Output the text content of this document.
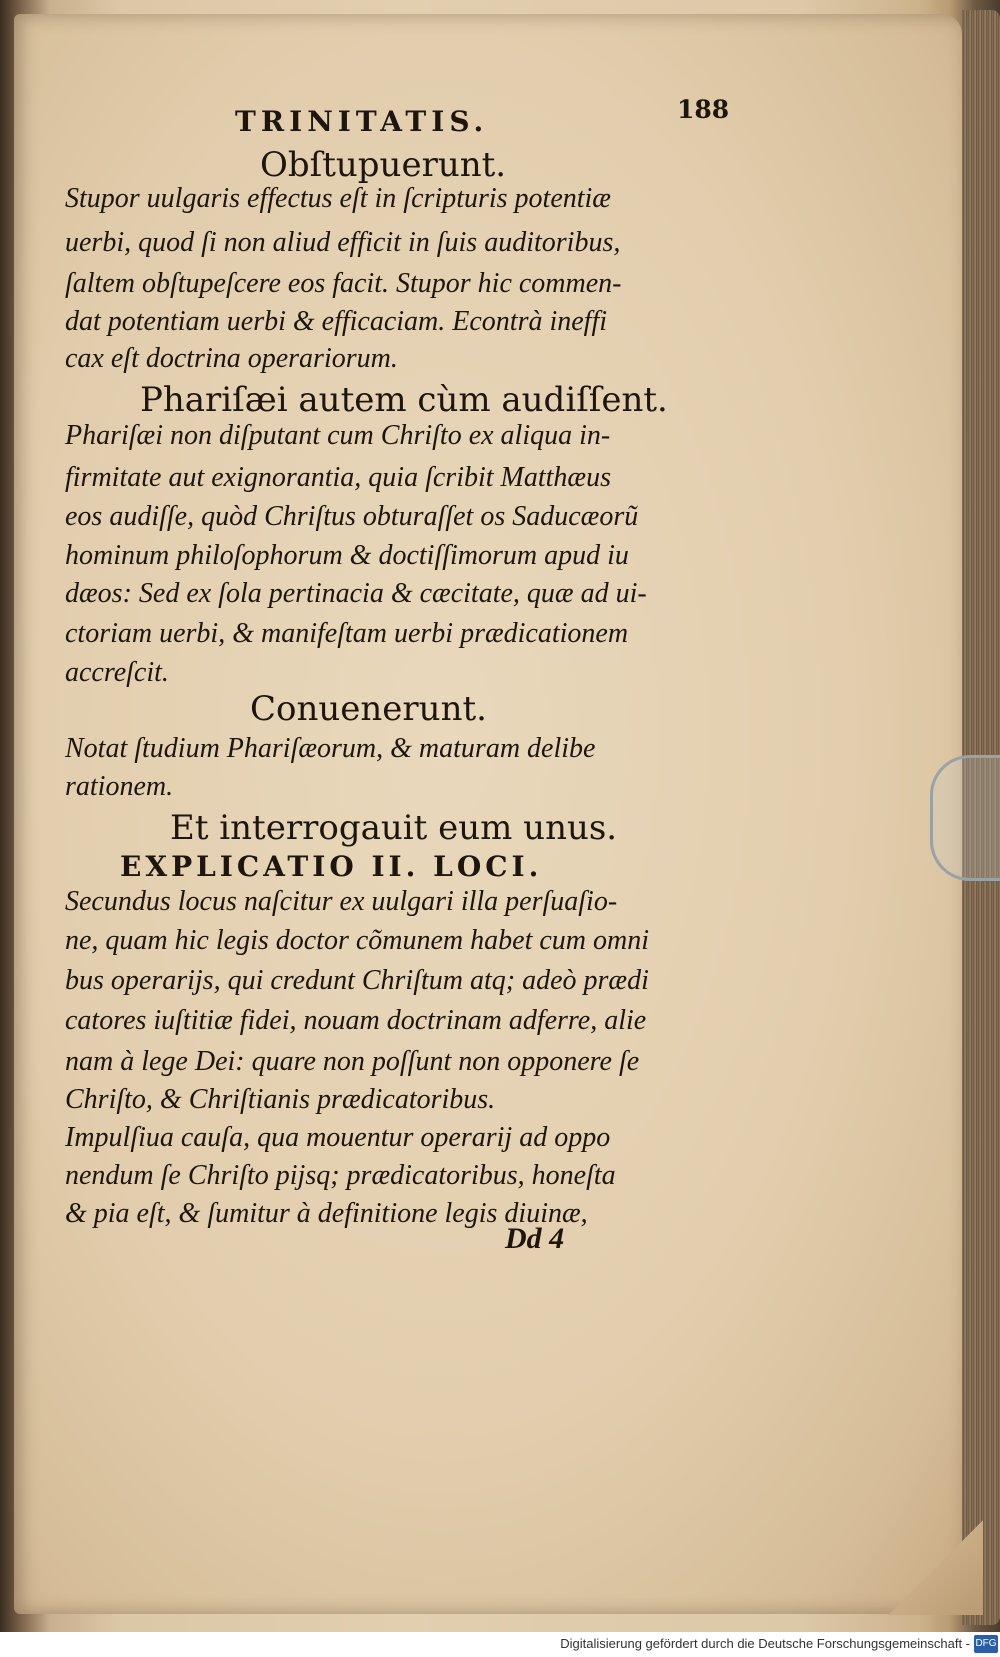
TRINITATIS.	188
Obſtupuerunt.
Stupor uulgaris effectus eſt in ſcripturis potentiæ
uerbi, quod ſi non aliud efficit in ſuis auditoribus,
ſaltem obſtupeſcere eos facit. Stupor hic commen-
dat potentiam uerbi & efficaciam. Econtrà ineffi
cax eſt doctrina operariorum.
Phariſæi autem cùm audiſſent.
Phariſæi non diſputant cum Chriſto ex aliqua in-
firmitate aut exignorantia, quia ſcribit Matthæus
eos audiſſe, quòd Chriſtus obturaſſet os Saducæorũ
hominum philoſophorum & doctiſſimorum apud iu
dæos: Sed ex ſola pertinacia & cæcitate, quæ ad ui-
ctoriam uerbi, & manifeſtam uerbi prædicationem
accreſcit.
Conuenerunt.
Notat ſtudium Phariſæorum, & maturam delibe
rationem.
Et interrogauit eum unus.
EXPLICATIO II. LOCI.
Secundus locus naſcitur ex uulgari illa perſuaſio-
ne, quam hic legis doctor cõmunem habet cum omni
bus operarijs, qui credunt Chriſtum atq; adeò prædi
catores iuſtitiæ fidei, nouam doctrinam adferre, alie
nam à lege Dei: quare non poſſunt non opponere ſe
Chriſto, & Chriſtianis prædicatoribus.
Impulſiua cauſa, qua mouentur operarij ad oppo
nendum ſe Chriſto pijsq; prædicatoribus, honeſta
& pia eſt, & ſumitur à definitione legis diuinæ,
Dd 4
Digitalisierung gefördert durch die Deutsche Forschungsgemeinschaft - DFG
